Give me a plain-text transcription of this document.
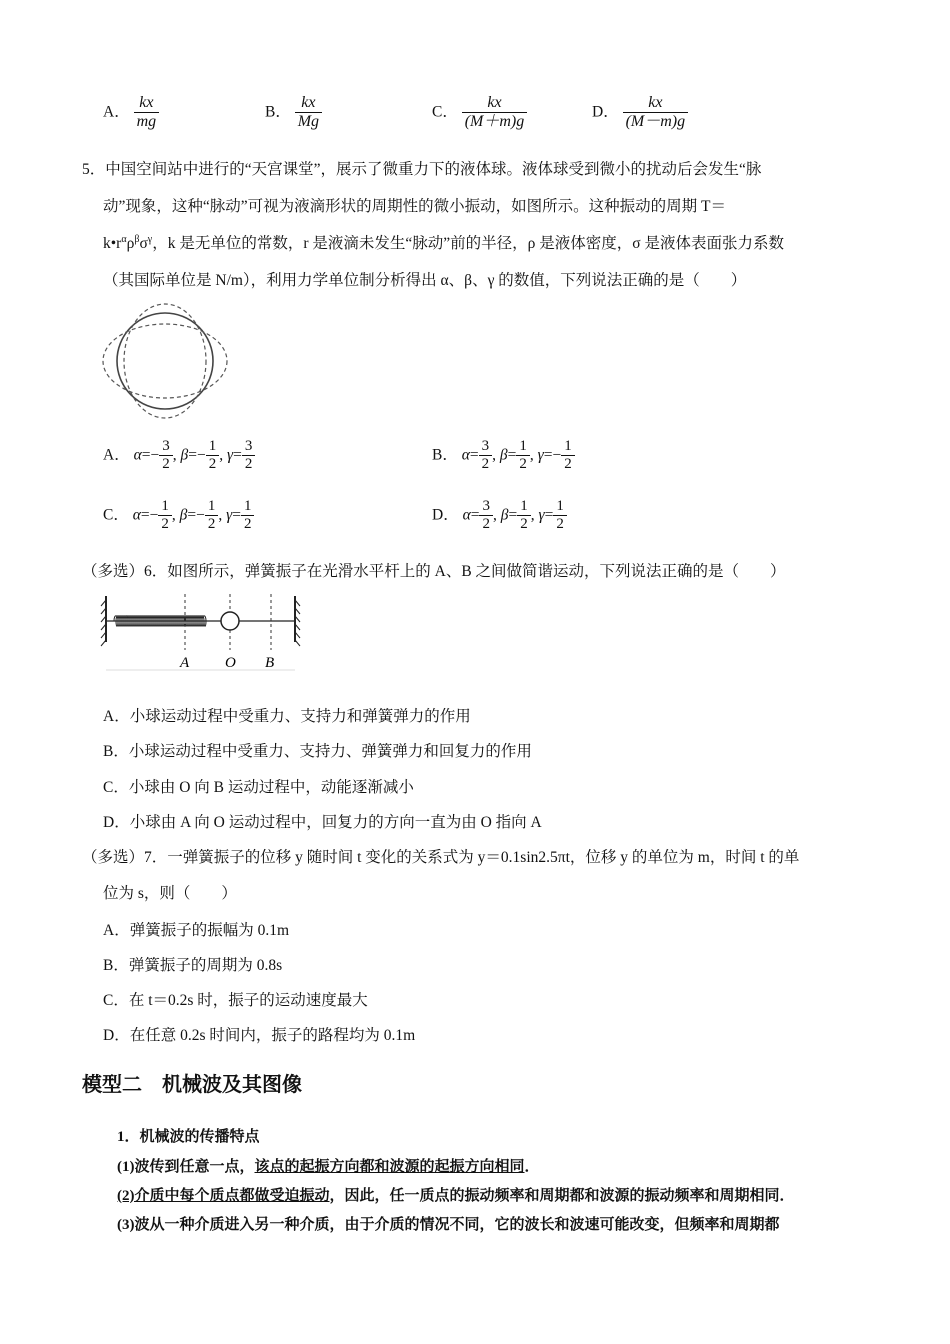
A． $\frac{kx}{mg}$	B． $\frac{kx}{Mg}$	C． $\frac{kx}{(M+m)g}$	D． $\frac{kx}{(M-m)g}$
5．中国空间站中进行的“天宫课堂”，展示了微重力下的液体球。液体球受到微小的扰动后会发生“脉
动”现象，这种“脉动”可视为液滴形状的周期性的微小振动，如图所示。这种振动的周期 T＝
$k•r^\alpha\rho^\beta\sigma^\gamma$，k 是无单位的常数，r 是液滴未发生“脉动”前的半径，ρ 是液体密度，σ 是液体表面张力系数
（其国际单位是 N/m），利用力学单位制分析得出 α、β、γ 的数值，下列说法正确的是（　　）
A． $\alpha=- \frac{3}{2}$ , $\beta=- \frac{1}{2}$ , $\gamma= \frac{3}{2}$	B． $\alpha= \frac{3}{2}$ , $\beta= \frac{1}{2}$ , $\gamma=- \frac{1}{2}$
C． $\alpha=- \frac{1}{2}$ , $\beta=- \frac{1}{2}$ , $\gamma= \frac{1}{2}$	D． $\alpha= \frac{3}{2}$ , $\beta= \frac{1}{2}$ , $\gamma= \frac{1}{2}$
（多选）6．如图所示，弹簧振子在光滑水平杆上的 A、B 之间做简谐运动，下列说法正确的是（　　）
A O B
A．小球运动过程中受重力、支持力和弹簧弹力的作用
B．小球运动过程中受重力、支持力、弹簧弹力和回复力的作用
C．小球由 O 向 B 运动过程中，动能逐渐减小
D．小球由 A 向 O 运动过程中，回复力的方向一直为由 O 指向 A
（多选）7．一弹簧振子的位移 y 随时间 t 变化的关系式为 y＝0.1sin2.5πt，位移 y 的单位为 m，时间 t 的单
位为 s，则（　　）
A．弹簧振子的振幅为 0.1m
B．弹簧振子的周期为 0.8s
C．在 t＝0.2s 时，振子的运动速度最大
D．在任意 0.2s 时间内，振子的路程均为 0.1m
模型二　机械波及其图像
1．机械波的传播特点
(1)波传到任意一点，该点的起振方向都和波源的起振方向相同．
(2)介质中每个质点都做受迫振动，因此，任一质点的振动频率和周期都和波源的振动频率和周期相同．
(3)波从一种介质进入另一种介质，由于介质的情况不同，它的波长和波速可能改变，但频率和周期都
